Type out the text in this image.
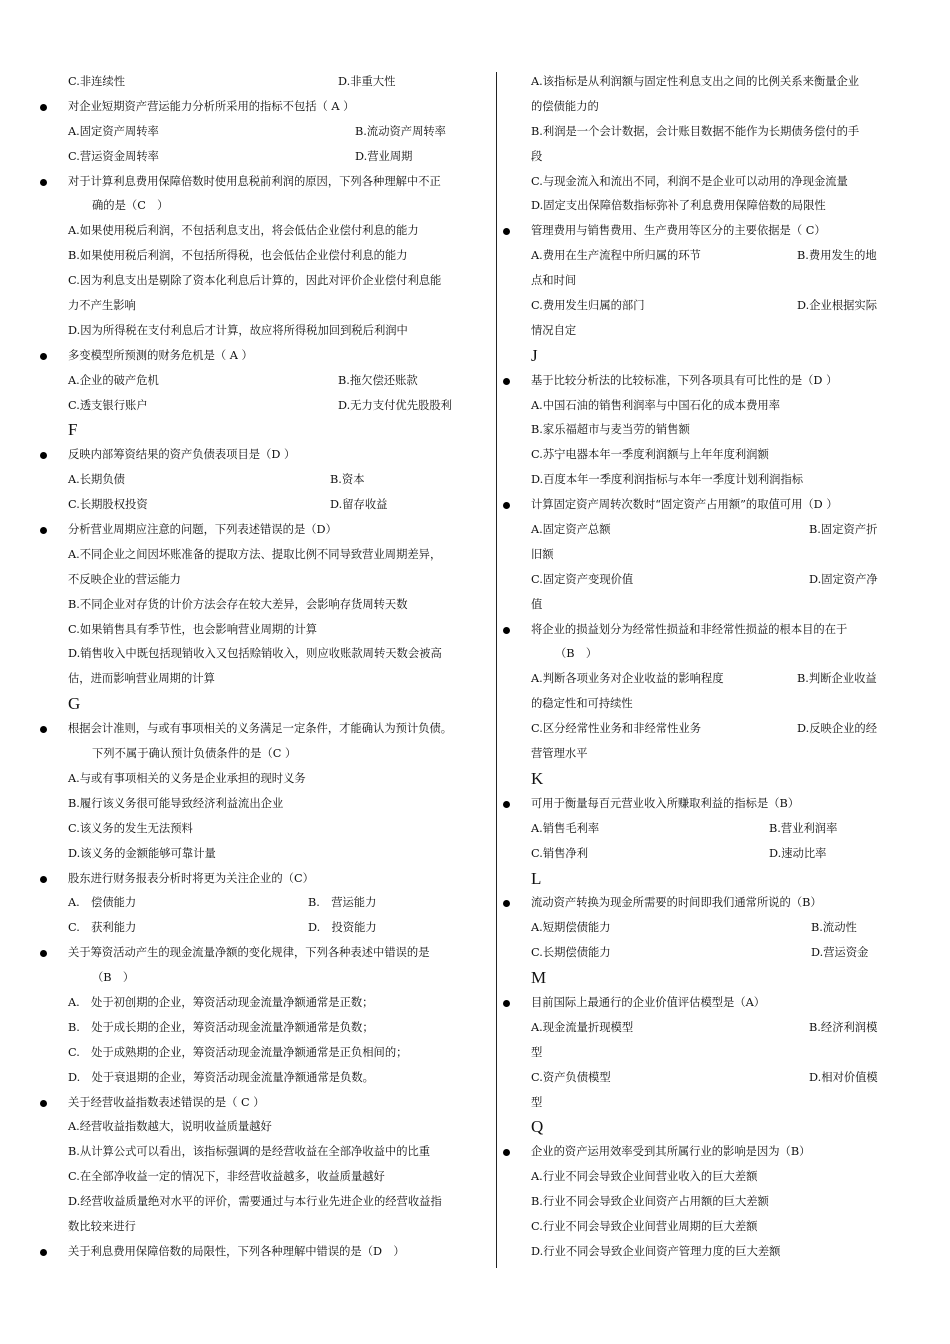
C.非连续性	D.非重大性
对企业短期资产营运能力分析所采用的指标不包括（ A ）
A.固定资产周转率	B.流动资产周转率
C.营运资金周转率	D.营业周期
对于计算利息费用保障倍数时使用息税前利润的原因，下列各种理解中不正
确的是（C　）
A.如果使用税后利润，不包括利息支出，将会低估企业偿付利息的能力
B.如果使用税后利润，不包括所得税，也会低估企业偿付利息的能力
C.因为利息支出是剔除了资本化利息后计算的，因此对评价企业偿付利息能
力不产生影响
D.因为所得税在支付利息后才计算，故应将所得税加回到税后利润中
多变模型所预测的财务危机是（ A ）
A.企业的破产危机	B.拖欠偿还账款
C.透支银行账户	D.无力支付优先股股利
F
反映内部筹资结果的资产负债表项目是（D ）
A.长期负债	B.资本
C.长期股权投资	D.留存收益
分析营业周期应注意的问题，下列表述错误的是（D）
A.不同企业之间因坏账准备的提取方法、提取比例不同导致营业周期差异，
不反映企业的营运能力
B.不同企业对存货的计价方法会存在较大差异，会影响存货周转天数
C.如果销售具有季节性，也会影响营业周期的计算
D.销售收入中既包括现销收入又包括赊销收入，则应收账款周转天数会被高
估，进而影响营业周期的计算
G
根据会计准则，与或有事项相关的义务满足一定条件，才能确认为预计负债。
下列不属于确认预计负债条件的是（C ）
A.与或有事项相关的义务是企业承担的现时义务
B.履行该义务很可能导致经济利益流出企业
C.该义务的发生无法预料
D.该义务的金额能够可靠计量
股东进行财务报表分析时将更为关注企业的（C）
A.　偿债能力	B.　营运能力
C.　获利能力	D.　投资能力
关于筹资活动产生的现金流量净额的变化规律，下列各种表述中错误的是
（B　）
A.　处于初创期的企业，筹资活动现金流量净额通常是正数；
B.　处于成长期的企业，筹资活动现金流量净额通常是负数；
C.　处于成熟期的企业，筹资活动现金流量净额通常是正负相间的；
D.　处于衰退期的企业，筹资活动现金流量净额通常是负数。
关于经营收益指数表述错误的是（ C ）
A.经营收益指数越大，说明收益质量越好
B.从计算公式可以看出，该指标强调的是经营收益在全部净收益中的比重
C.在全部净收益一定的情况下，非经营收益越多，收益质量越好
D.经营收益质量绝对水平的评价，需要通过与本行业先进企业的经营收益指
数比较来进行
关于利息费用保障倍数的局限性，下列各种理解中错误的是（D　）
A.该指标是从利润额与固定性利息支出之间的比例关系来衡量企业
的偿债能力的
B.利润是一个会计数据，会计账目数据不能作为长期债务偿付的手
段
C.与现金流入和流出不同，利润不是企业可以动用的净现金流量
D.固定支出保障倍数指标弥补了利息费用保障倍数的局限性
管理费用与销售费用、生产费用等区分的主要依据是（ C）
A.费用在生产流程中所归属的环节	B.费用发生的地
点和时间
C.费用发生归属的部门	D.企业根据实际
情况自定
J
基于比较分析法的比较标准，下列各项具有可比性的是（D ）
A.中国石油的销售利润率与中国石化的成本费用率
B.家乐福超市与麦当劳的销售额
C.苏宁电器本年一季度利润额与上年年度利润额
D.百度本年一季度利润指标与本年一季度计划利润指标
计算固定资产周转次数时“固定资产占用额”的取值可用（D ）
A.固定资产总额	B.固定资产折
旧额
C.固定资产变现价值	D.固定资产净
值
将企业的损益划分为经常性损益和非经常性损益的根本目的在于
（B　）
A.判断各项业务对企业收益的影响程度	B.判断企业收益
的稳定性和可持续性
C.区分经常性业务和非经常性业务	D.反映企业的经
营管理水平
K
可用于衡量每百元营业收入所赚取利益的指标是（B）
A.销售毛利率	B.营业利润率
C.销售净利	D.速动比率
L
流动资产转换为现金所需要的时间即我们通常所说的（B）
A.短期偿债能力	B.流动性
C.长期偿债能力	D.营运资金
M
目前国际上最通行的企业价值评估模型是（A）
A.现金流量折现模型	B.经济利润模
型
C.资产负债模型	D.相对价值模
型
Q
企业的资产运用效率受到其所属行业的影响是因为（B）
A.行业不同会导致企业间营业收入的巨大差额
B.行业不同会导致企业间资产占用额的巨大差额
C.行业不同会导致企业间营业周期的巨大差额
D.行业不同会导致企业间资产管理力度的巨大差额
